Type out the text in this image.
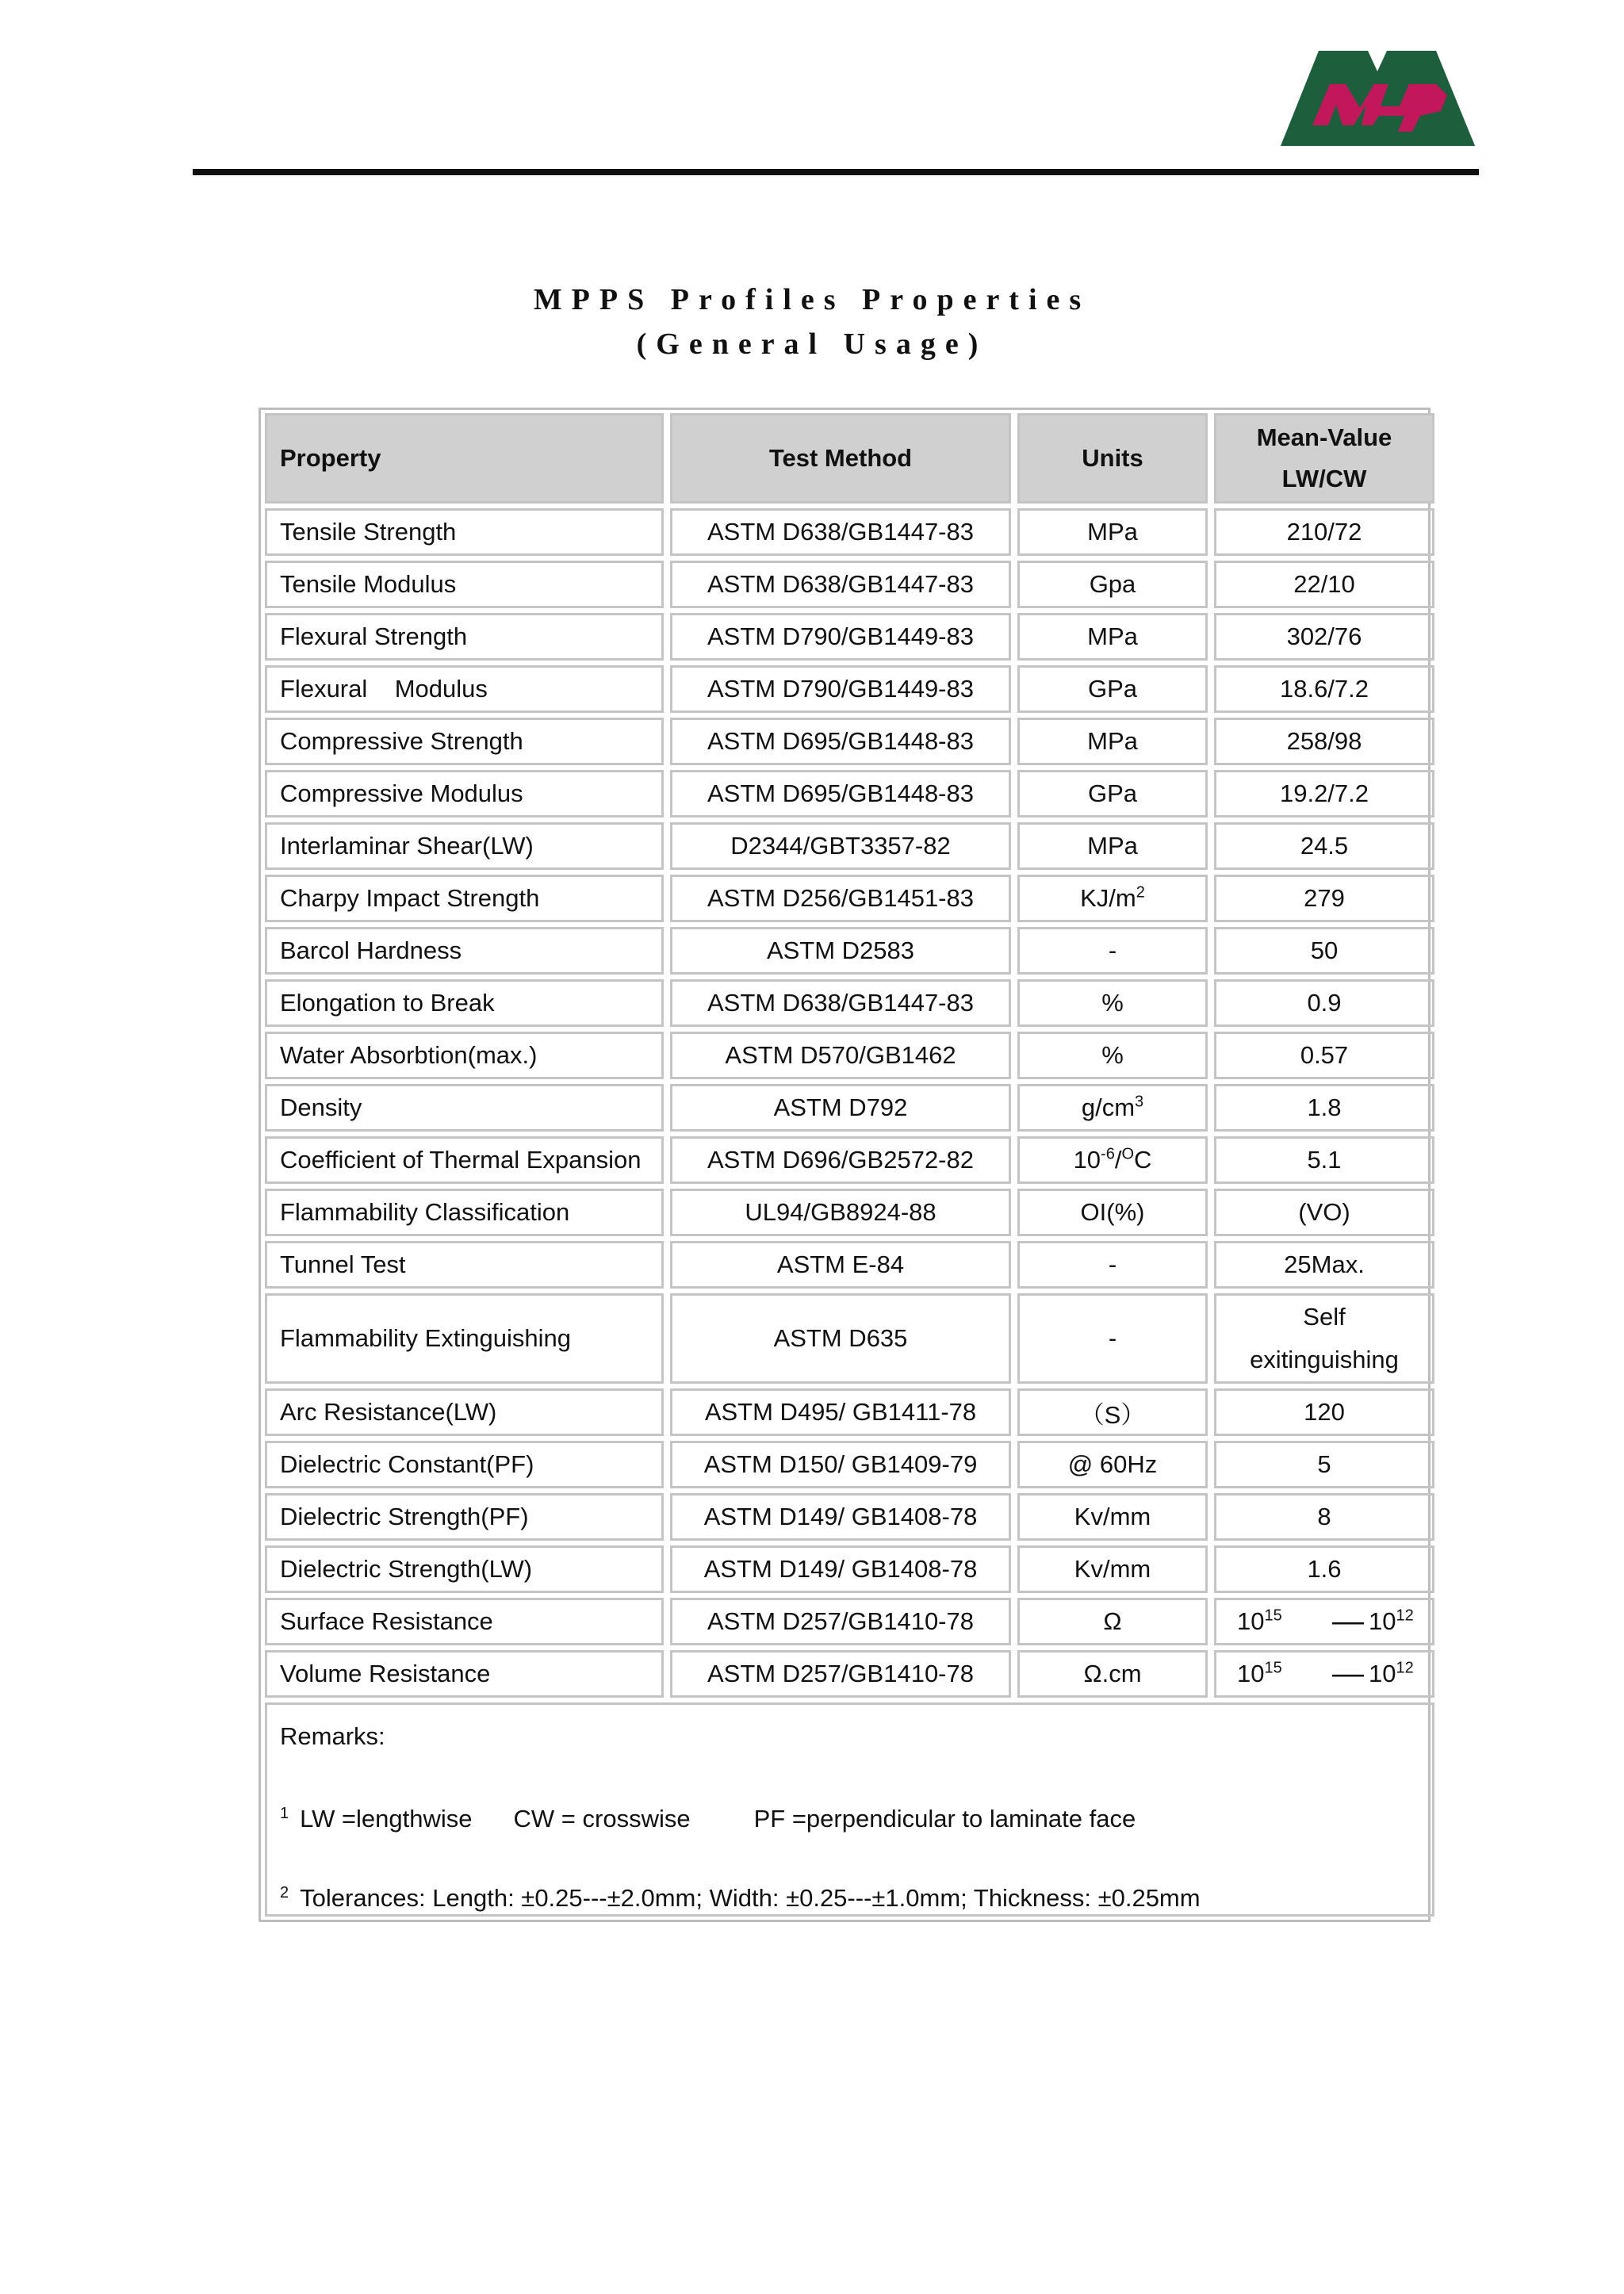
MPPS Profiles Properties
(General Usage)
Property	Test Method	Units	Mean-Value
LW/CW

Tensile Strength	ASTM D638/GB1447-83	MPa	210/72
Tensile Modulus	ASTM D638/GB1447-83	Gpa	22/10
Flexural Strength	ASTM D790/GB1449-83	MPa	302/76
Flexural    Modulus	ASTM D790/GB1449-83	GPa	18.6/7.2
Compressive Strength	ASTM D695/GB1448-83	MPa	258/98
Compressive Modulus	ASTM D695/GB1448-83	GPa	19.2/7.2
Interlaminar Shear(LW)	D2344/GBT3357-82	MPa	24.5
Charpy Impact Strength	ASTM D256/GB1451-83	$KJ/m^2$	279
Barcol Hardness	ASTM D2583	-	50
Elongation to Break	ASTM D638/GB1447-83	%	0.9
Water Absorbtion(max.)	ASTM D570/GB1462	%	0.57
Density	ASTM D792	$g/cm^3$	1.8
Coefficient of Thermal Expansion	ASTM D696/GB2572-82	$10^{-6}/^OC$	5.1
Flammability Classification	UL94/GB8924-88	OI(%)	(VO)
Tunnel Test	ASTM E-84	-	25Max.
Flammability Extinguishing	ASTM D635	-	Self
exitinguishing

Arc Resistance(LW)	ASTM D495/ GB1411-78	（S）	120
Dielectric Constant(PF)	ASTM D150/ GB1409-79	@ 60Hz	5
Dielectric Strength(PF)	ASTM D149/ GB1408-78	Kv/mm	8
Dielectric Strength(LW)	ASTM D149/ GB1408-78	Kv/mm	1.6
Surface Resistance	ASTM D257/GB1410-78	Ω	$10^{15}$ — $10^{12}$

Volume Resistance	ASTM D257/GB1410-78	Ω.cm	$10^{15}$ — $10^{12}$

Remarks:
1 LW =lengthwise CW = crosswise PF =perpendicular to laminate face
2 Tolerances: Length: ±0.25---±2.0mm; Width: ±0.25---±1.0mm; Thickness: ±0.25mm			
